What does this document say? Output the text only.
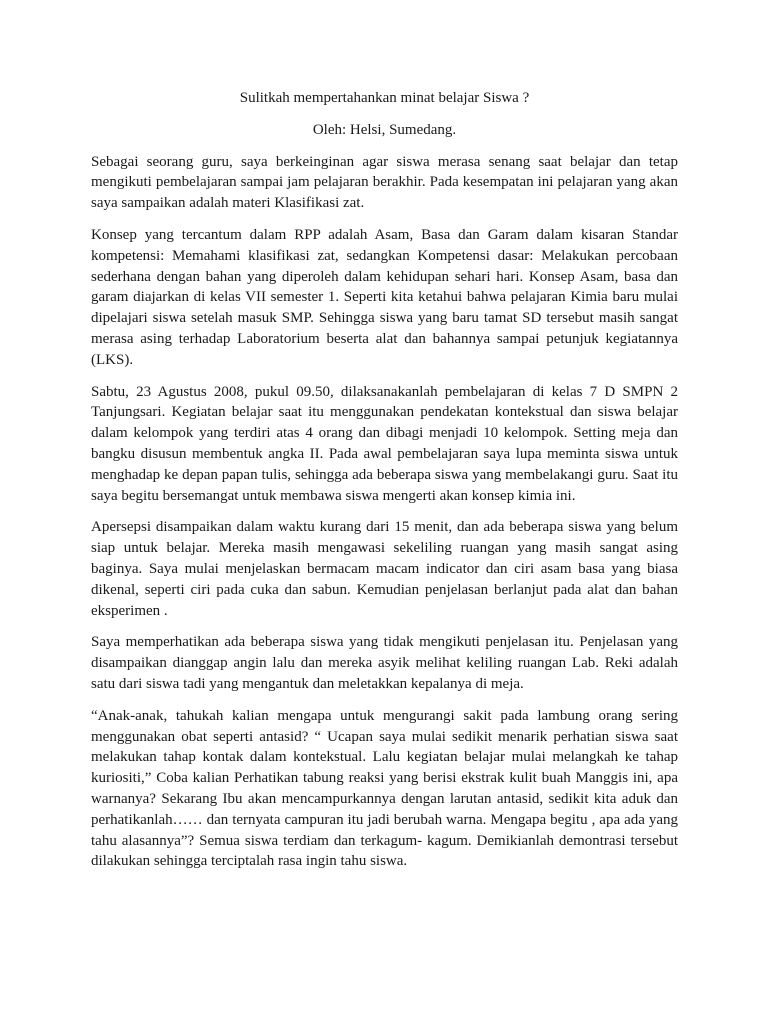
Sulitkah mempertahankan minat belajar Siswa ?

Oleh: Helsi, Sumedang.

Sebagai seorang guru, saya berkeinginan agar siswa merasa senang saat belajar dan tetap mengikuti pembelajaran sampai jam pelajaran berakhir. Pada kesempatan ini pelajaran yang akan saya sampaikan adalah materi Klasifikasi zat.

Konsep yang tercantum dalam RPP adalah Asam, Basa dan Garam dalam kisaran Standar kompetensi: Memahami klasifikasi zat, sedangkan Kompetensi dasar: Melakukan percobaan sederhana dengan bahan yang diperoleh dalam kehidupan sehari hari. Konsep Asam, basa dan garam diajarkan di kelas VII semester 1. Seperti kita ketahui bahwa pelajaran Kimia baru mulai dipelajari siswa setelah masuk SMP. Sehingga siswa yang baru tamat SD tersebut masih sangat merasa asing terhadap Laboratorium beserta alat dan bahannya sampai petunjuk kegiatannya (LKS).

Sabtu, 23 Agustus 2008, pukul 09.50, dilaksanakanlah pembelajaran di kelas 7 D SMPN 2 Tanjungsari. Kegiatan belajar saat itu menggunakan pendekatan kontekstual dan siswa belajar dalam kelompok yang terdiri atas 4 orang dan dibagi menjadi 10 kelompok. Setting meja dan bangku disusun membentuk angka II. Pada awal pembelajaran saya lupa meminta siswa untuk menghadap ke depan papan tulis, sehingga ada beberapa siswa yang membelakangi guru. Saat itu saya begitu bersemangat untuk membawa siswa mengerti akan konsep kimia ini.

Apersepsi disampaikan dalam waktu kurang dari 15 menit, dan ada beberapa siswa yang belum siap untuk belajar. Mereka masih mengawasi sekeliling ruangan yang masih sangat asing baginya. Saya mulai menjelaskan bermacam macam indicator dan ciri asam basa yang biasa dikenal, seperti ciri pada cuka dan sabun. Kemudian penjelasan berlanjut pada alat dan bahan eksperimen .

Saya memperhatikan ada beberapa siswa yang tidak mengikuti penjelasan itu. Penjelasan yang disampaikan dianggap angin lalu dan mereka asyik melihat keliling ruangan Lab. Reki adalah satu dari siswa tadi yang mengantuk dan meletakkan kepalanya di meja.

“Anak-anak, tahukah kalian mengapa untuk mengurangi sakit pada lambung orang sering menggunakan obat seperti antasid? “ Ucapan saya mulai sedikit menarik perhatian siswa saat melakukan tahap kontak dalam kontekstual. Lalu kegiatan belajar mulai melangkah ke tahap kuriositi,” Coba kalian Perhatikan tabung reaksi yang berisi ekstrak kulit buah Manggis ini, apa warnanya? Sekarang Ibu akan mencampurkannya dengan larutan antasid, sedikit kita aduk dan perhatikanlah…… dan ternyata campuran itu jadi berubah warna. Mengapa begitu , apa ada yang tahu alasannya”? Semua siswa terdiam dan terkagum- kagum. Demikianlah demontrasi tersebut dilakukan sehingga terciptalah rasa ingin tahu siswa.
